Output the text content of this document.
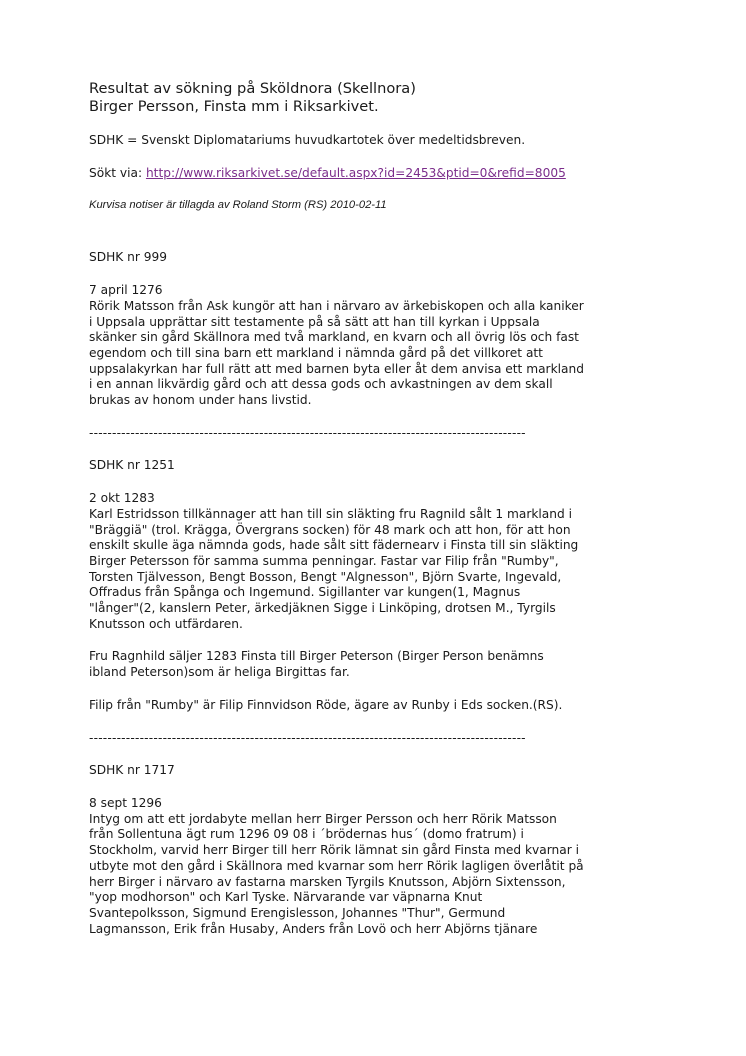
Resultat av sökning på Sköldnora (Skellnora)

Birger Persson, Finsta mm i Riksarkivet.

SDHK = Svenskt Diplomatariums huvudkartotek över medeltidsbreven.

Sökt via: http://www.riksarkivet.se/default.aspx?id=2453&ptid=0&refid=8005

Kurvisa notiser är tillagda av Roland Storm (RS) 2010-02-11

SDHK nr 999

7 april 1276

Rörik Matsson från Ask kungör att han i närvaro av ärkebiskopen och alla kaniker

i Uppsala upprättar sitt testamente på så sätt att han till kyrkan i Uppsala

skänker sin gård Skällnora med två markland, en kvarn och all övrig lös och fast

egendom och till sina barn ett markland i nämnda gård på det villkoret att

uppsalakyrkan har full rätt att med barnen byta eller åt dem anvisa ett markland

i en annan likvärdig gård och att dessa gods och avkastningen av dem skall

brukas av honom under hans livstid.

-----------------------------------------------------------------------------------------------

SDHK nr 1251

2 okt 1283

Karl Estridsson tillkännager att han till sin släkting fru Ragnild sålt 1 markland i

"Bräggiä" (trol. Krägga, Övergrans socken) för 48 mark och att hon, för att hon

enskilt skulle äga nämnda gods, hade sålt sitt fädernearv i Finsta till sin släkting

Birger Petersson för samma summa penningar. Fastar var Filip från "Rumby",

Torsten Tjälvesson, Bengt Bosson, Bengt "Algnesson", Björn Svarte, Ingevald,

Offradus från Spånga och Ingemund. Sigillanter var kungen(1, Magnus

"långer"(2, kanslern Peter, ärkedjäknen Sigge i Linköping, drotsen M., Tyrgils

Knutsson och utfärdaren.

Fru Ragnhild säljer 1283 Finsta till Birger Peterson (Birger Person benämns

ibland Peterson)som är heliga Birgittas far.

Filip från "Rumby" är Filip Finnvidson Röde, ägare av Runby i Eds socken.(RS).

-----------------------------------------------------------------------------------------------

SDHK nr 1717

8 sept 1296

Intyg om att ett jordabyte mellan herr Birger Persson och herr Rörik Matsson

från Sollentuna ägt rum 1296 09 08 i ´brödernas hus´ (domo fratrum) i

Stockholm, varvid herr Birger till herr Rörik lämnat sin gård Finsta med kvarnar i

utbyte mot den gård i Skällnora med kvarnar som herr Rörik lagligen överlåtit på

herr Birger i närvaro av fastarna marsken Tyrgils Knutsson, Abjörn Sixtensson,

"yop modhorson" och Karl Tyske. Närvarande var väpnarna Knut

Svantepolksson, Sigmund Erengislesson, Johannes "Thur", Germund

Lagmansson, Erik från Husaby, Anders från Lovö och herr Abjörns tjänare
